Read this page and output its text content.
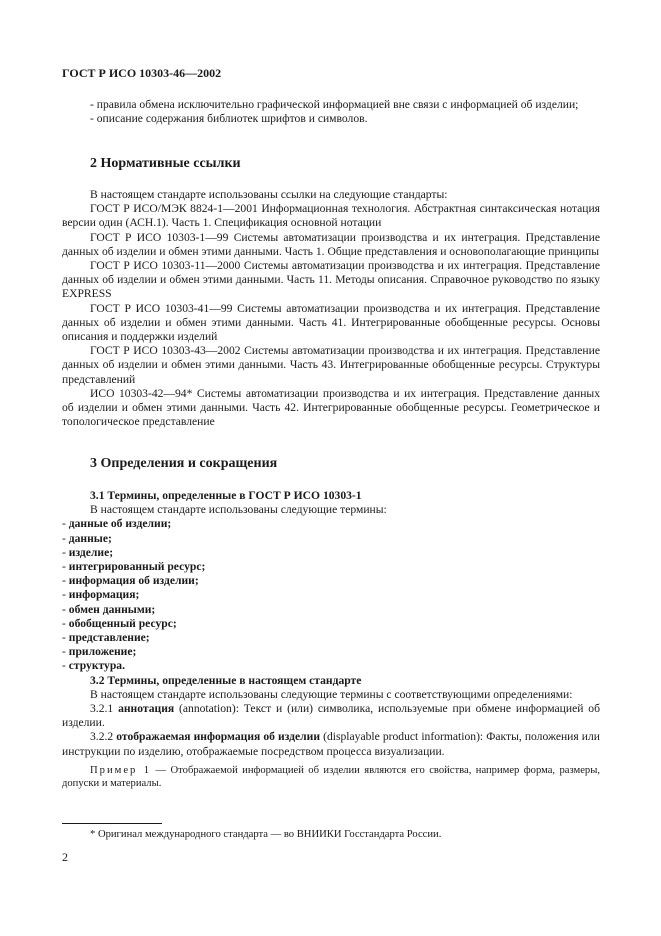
ГОСТ Р ИСО 10303-46—2002

- правила обмена исключительно графической информацией вне связи с информацией об изделии;

- описание содержания библиотек шрифтов и символов.

2 Нормативные ссылки

В настоящем стандарте использованы ссылки на следующие стандарты:

ГОСТ Р ИСО/МЭК 8824-1—2001 Информационная технология. Абстрактная синтаксическая нотация версии один (АСН.1). Часть 1. Спецификация основной нотации

ГОСТ Р ИСО 10303-1—99 Системы автоматизации производства и их интеграция. Представление данных об изделии и обмен этими данными. Часть 1. Общие представления и основополагающие принципы

ГОСТ Р ИСО 10303-11—2000 Системы автоматизации производства и их интеграция. Представление данных об изделии и обмен этими данными. Часть 11. Методы описания. Справочное руководство по языку EXPRESS

ГОСТ Р ИСО 10303-41—99 Системы автоматизации производства и их интеграция. Представление данных об изделии и обмен этими данными. Часть 41. Интегрированные обобщенные ресурсы. Основы описания и поддержки изделий

ГОСТ Р ИСО 10303-43—2002 Системы автоматизации производства и их интеграция. Представление данных об изделии и обмен этими данными. Часть 43. Интегрированные обобщенные ресурсы. Структуры представлений

ИСО 10303-42—94* Системы автоматизации производства и их интеграция. Представление данных об изделии и обмен этими данными. Часть 42. Интегрированные обобщенные ресурсы. Геометрическое и топологическое представление

3 Определения и сокращения

3.1 Термины, определенные в ГОСТ Р ИСО 10303-1

В настоящем стандарте использованы следующие термины:

- данные об изделии;

- данные;

- изделие;

- интегрированный ресурс;

- информация об изделии;

- информация;

- обмен данными;

- обобщенный ресурс;

- представление;

- приложение;

- структура.

3.2 Термины, определенные в настоящем стандарте

В настоящем стандарте использованы следующие термины с соответствующими определениями:

3.2.1 аннотация (annotation): Текст и (или) символика, используемые при обмене информацией об изделии.

3.2.2 отображаемая информация об изделии (displayable product information): Факты, положения или инструкции по изделию, отображаемые посредством процесса визуализации.

Пример 1 — Отображаемой информацией об изделии являются его свойства, например форма, размеры, допуски и материалы.

* Оригинал международного стандарта — во ВНИИКИ Госстандарта России.
2
